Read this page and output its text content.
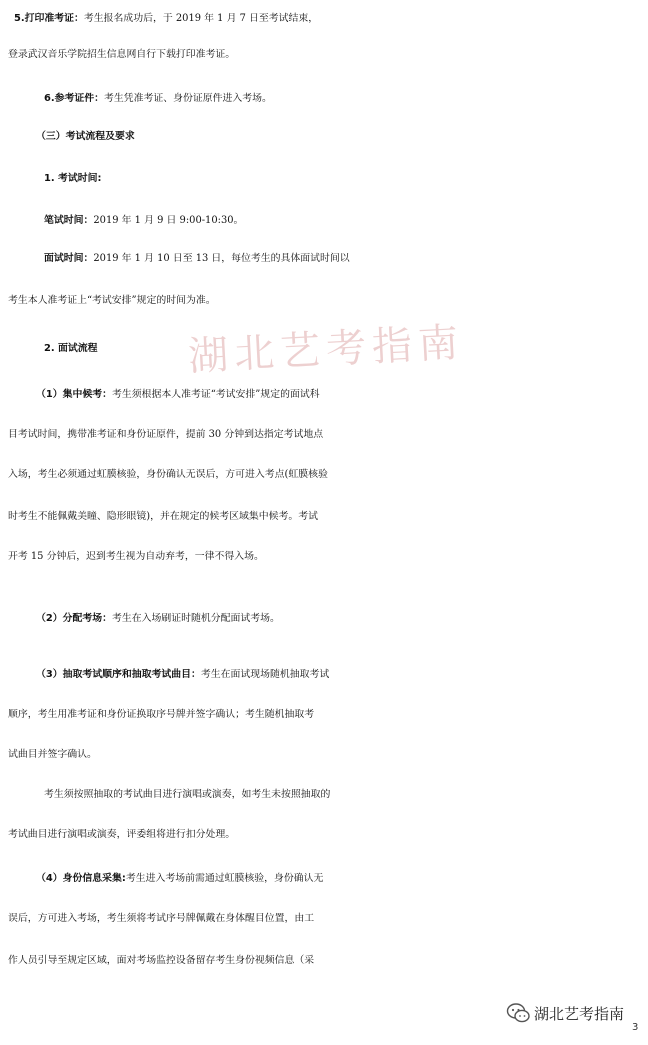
5.打印准考证：考生报名成功后，于 2019 年 1 月 7 日至考试结束，
登录武汉音乐学院招生信息网自行下载打印准考证。
6.参考证件：考生凭准考证、身份证原件进入考场。
（三）考试流程及要求
1. 考试时间:
笔试时间：2019 年 1 月 9 日 9:00-10:30。
面试时间：2019 年 1 月 10 日至 13 日，每位考生的具体面试时间以
考生本人准考证上“考试安排”规定的时间为准。
2. 面试流程
（1）集中候考：考生须根据本人准考证“考试安排”规定的面试科
目考试时间，携带准考证和身份证原件，提前 30 分钟到达指定考试地点
入场，考生必须通过虹膜核验，身份确认无误后，方可进入考点(虹膜核验
时考生不能佩戴美瞳、隐形眼镜)，并在规定的候考区域集中候考。考试
开考 15 分钟后，迟到考生视为自动弃考，一律不得入场。
（2）分配考场：考生在入场刷证时随机分配面试考场。
（3）抽取考试顺序和抽取考试曲目：考生在面试现场随机抽取考试
顺序，考生用准考证和身份证换取序号牌并签字确认；考生随机抽取考
试曲目并签字确认。
考生须按照抽取的考试曲目进行演唱或演奏，如考生未按照抽取的
考试曲目进行演唱或演奏，评委组将进行扣分处理。
（4）身份信息采集:考生进入考场前需通过虹膜核验，身份确认无
误后，方可进入考场，考生须将考试序号牌佩戴在身体醒目位置，由工
作人员引导至规定区域，面对考场监控设备留存考生身份视频信息（采
湖北艺考指南
湖北艺考指南
3
